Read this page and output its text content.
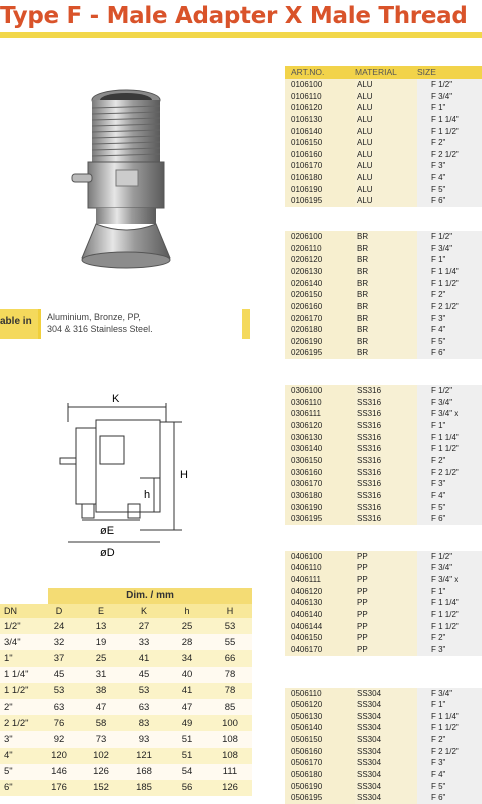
Type F - Male Adapter X Male Thread
able in Aluminium, Bronze, PP,
304 & 316 Stainless Steel.
K
H
h
øE
øD
Dim. / mm
DN	D	E	K	h	H
1/2"	24	13	27	25	53
3/4"	32	19	33	28	55
1"	37	25	41	34	66
1 1/4"	45	31	45	40	78
1 1/2"	53	38	53	41	78
2"	63	47	63	47	85
2 1/2"	76	58	83	49	100
3"	92	73	93	51	108
4"	120	102	121	51	108
5"	146	126	168	54	111
6"	176	152	185	56	126
ART.NO.	MATERIAL	SIZE
0106100	ALU	F 1/2"
0106110	ALU	F 3/4"
0106120	ALU	F 1"
0106130	ALU	F 1 1/4"
0106140	ALU	F 1 1/2"
0106150	ALU	F 2"
0106160	ALU	F 2 1/2"
0106170	ALU	F 3"
0106180	ALU	F 4"
0106190	ALU	F 5"
0106195	ALU	F 6"
0206100	BR	F 1/2"
0206110	BR	F 3/4"
0206120	BR	F 1"
0206130	BR	F 1 1/4"
0206140	BR	F 1 1/2"
0206150	BR	F 2"
0206160	BR	F 2 1/2"
0206170	BR	F 3"
0206180	BR	F 4"
0206190	BR	F 5"
0206195	BR	F 6"
0306100	SS316	F 1/2"
0306110	SS316	F 3/4"
0306111	SS316	F 3/4" x
0306120	SS316	F 1"
0306130	SS316	F 1 1/4"
0306140	SS316	F 1 1/2"
0306150	SS316	F 2"
0306160	SS316	F 2 1/2"
0306170	SS316	F 3"
0306180	SS316	F 4"
0306190	SS316	F 5"
0306195	SS316	F 6"
0406100	PP	F 1/2"
0406110	PP	F 3/4"
0406111	PP	F 3/4" x
0406120	PP	F 1"
0406130	PP	F 1 1/4"
0406140	PP	F 1 1/2"
0406144	PP	F 1 1/2"
0406150	PP	F 2"
0406170	PP	F 3"
0506110	SS304	F 3/4"
0506120	SS304	F 1"
0506130	SS304	F 1 1/4"
0506140	SS304	F 1 1/2"
0506150	SS304	F 2"
0506160	SS304	F 2 1/2"
0506170	SS304	F 3"
0506180	SS304	F 4"
0506190	SS304	F 5"
0506195	SS304	F 6"
